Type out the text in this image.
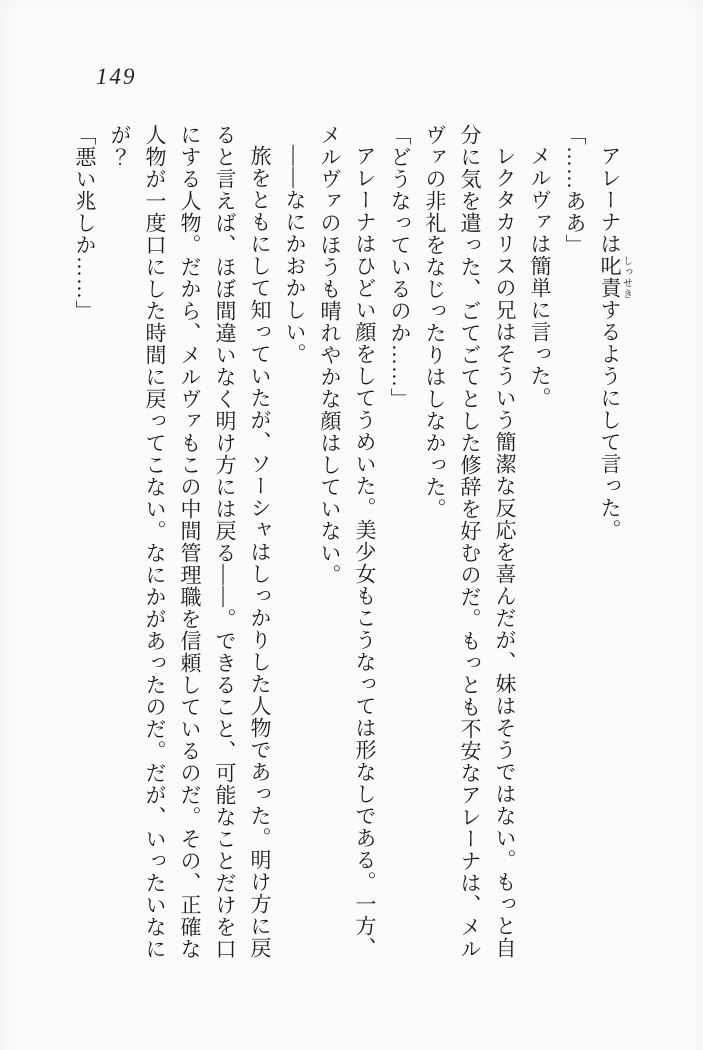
149

アレーナは叱責しっせきするようにして言った。

「……ああ」

メルヴァは簡単に言った。

レクタカリスの兄はそういう簡潔な反応を喜んだが、妹はそうではない。もっと自分に気を遣った、ごてごてとした修辞を好むのだ。もっとも不安なアレーナは、メルヴァの非礼をなじったりはしなかった。

「どうなっているのか……」

アレーナはひどい顔をしてうめいた。美少女もこうなっては形なしである。一方、メルヴァのほうも晴れやかな顔はしていない。

――なにかおかしい。

旅をともにして知っていたが、ソーシャはしっかりした人物であった。明け方に戻ると言えば、ほぼ間違いなく明け方には戻る――。できること、可能なことだけを口にする人物。だから、メルヴァもこの中間管理職を信頼しているのだ。その、正確な人物が一度口にした時間に戻ってこない。なにかがあったのだ。だが、いったいなにが？

「悪い兆しか……」
